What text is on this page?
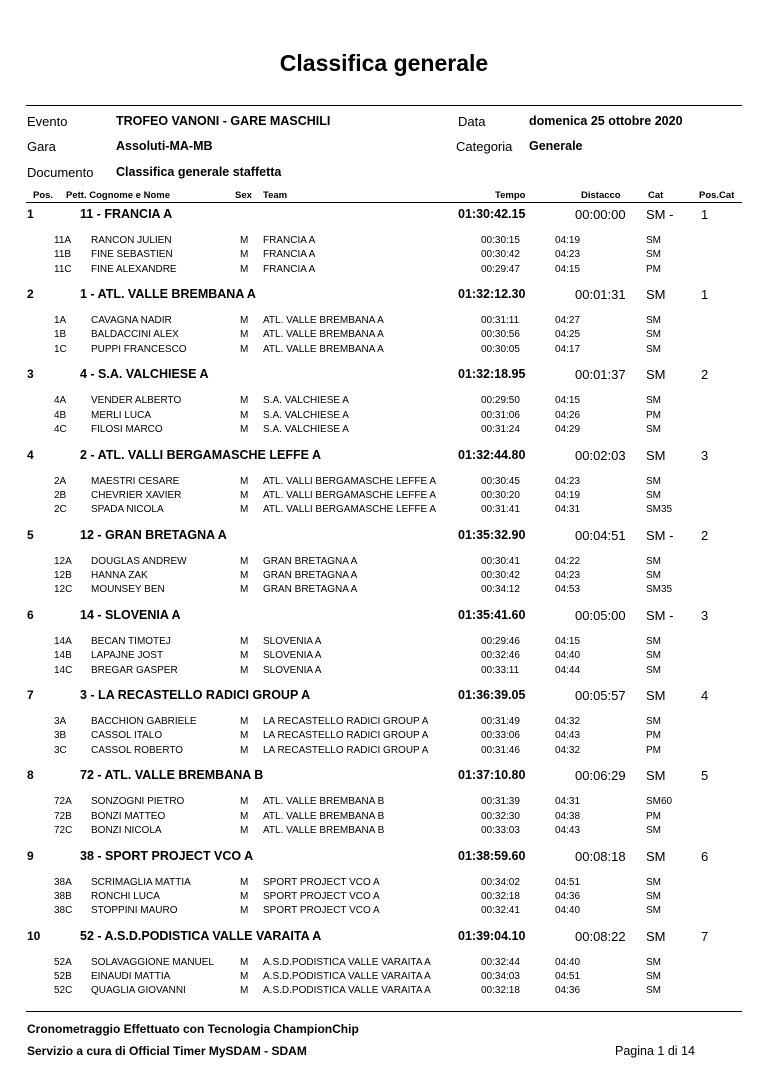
Classifica generale
Evento	TROFEO VANONI - GARE MASCHILI	Data	domenica 25 ottobre 2020
Gara	Assoluti-MA-MB	Categoria Generale
Documento Classifica generale staffetta
Pos. Pett. Cognome e Nome	Sex Team	Tempo	Distacco	Cat	Pos.Cat
1	11 - FRANCIA A	01:30:42.15	00:00:00 SM - 1
11A RANCON JULIEN	M FRANCIA A	00:30:15	04:19	SM
11B FINE SEBASTIEN	M FRANCIA A	00:30:42	04:23	SM
11C FINE ALEXANDRE	M FRANCIA A	00:29:47	04:15	PM
2	1 - ATL. VALLE BREMBANA A	01:32:12.30	00:01:31 SM	1
1A CAVAGNA NADIR	M ATL. VALLE BREMBANA A	00:31:11	04:27	SM
1B BALDACCINI ALEX	M ATL. VALLE BREMBANA A	00:30:56	04:25	SM
1C PUPPI FRANCESCO	M ATL. VALLE BREMBANA A	00:30:05	04:17	SM
3	4 - S.A. VALCHIESE A	01:32:18.95	00:01:37 SM	2
4A VENDER ALBERTO	M S.A. VALCHIESE A	00:29:50	04:15	SM
4B MERLI LUCA	M S.A. VALCHIESE A	00:31:06	04:26	PM
4C FILOSI MARCO	M S.A. VALCHIESE A	00:31:24	04:29	SM
4	2 - ATL. VALLI BERGAMASCHE LEFFE A	01:32:44.80	00:02:03 SM	3
2A MAESTRI CESARE	M ATL. VALLI BERGAMASCHE LEFFE A	00:30:45	04:23	SM
2B CHEVRIER XAVIER	M ATL. VALLI BERGAMASCHE LEFFE A	00:30:20	04:19	SM
2C SPADA NICOLA	M ATL. VALLI BERGAMASCHE LEFFE A	00:31:41	04:31	SM35
5	12 - GRAN BRETAGNA A	01:35:32.90	00:04:51 SM - 2
12A DOUGLAS ANDREW	M GRAN BRETAGNA A	00:30:41	04:22	SM
12B HANNA ZAK	M GRAN BRETAGNA A	00:30:42	04:23	SM
12C MOUNSEY BEN	M GRAN BRETAGNA A	00:34:12	04:53	SM35
6	14 - SLOVENIA A	01:35:41.60	00:05:00 SM - 3
14A BECAN TIMOTEJ	M SLOVENIA A	00:29:46	04:15	SM
14B LAPAJNE JOST	M SLOVENIA A	00:32:46	04:40	SM
14C BREGAR GASPER	M SLOVENIA A	00:33:11	04:44	SM
7	3 - LA RECASTELLO RADICI GROUP A	01:36:39.05	00:05:57 SM	4
3A BACCHION GABRIELE	M LA RECASTELLO RADICI GROUP A	00:31:49	04:32	SM
3B CASSOL ITALO	M LA RECASTELLO RADICI GROUP A	00:33:06	04:43	PM
3C CASSOL ROBERTO	M LA RECASTELLO RADICI GROUP A	00:31:46	04:32	PM
8	72 - ATL. VALLE BREMBANA B	01:37:10.80	00:06:29 SM	5
72A SONZOGNI PIETRO	M ATL. VALLE BREMBANA B	00:31:39	04:31	SM60
72B BONZI MATTEO	M ATL. VALLE BREMBANA B	00:32:30	04:38	PM
72C BONZI NICOLA	M ATL. VALLE BREMBANA B	00:33:03	04:43	SM
9	38 - SPORT PROJECT VCO A	01:38:59.60	00:08:18 SM	6
38A SCRIMAGLIA MATTIA	M SPORT PROJECT VCO A	00:34:02	04:51	SM
38B RONCHI LUCA	M SPORT PROJECT VCO A	00:32:18	04:36	SM
38C STOPPINI MAURO	M SPORT PROJECT VCO A	00:32:41	04:40	SM
10	52 - A.S.D.PODISTICA VALLE VARAITA A	01:39:04.10	00:08:22 SM	7
52A SOLAVAGGIONE MANUEL	M A.S.D.PODISTICA VALLE VARAITA A	00:32:44	04:40	SM
52B EINAUDI MATTIA	M A.S.D.PODISTICA VALLE VARAITA A	00:34:03	04:51	SM
52C QUAGLIA GIOVANNI	M A.S.D.PODISTICA VALLE VARAITA A	00:32:18	04:36	SM
Cronometraggio Effettuato con Tecnologia ChampionChip
Servizio a cura di Official Timer MySDAM - SDAM	Pagina 1 di 14
